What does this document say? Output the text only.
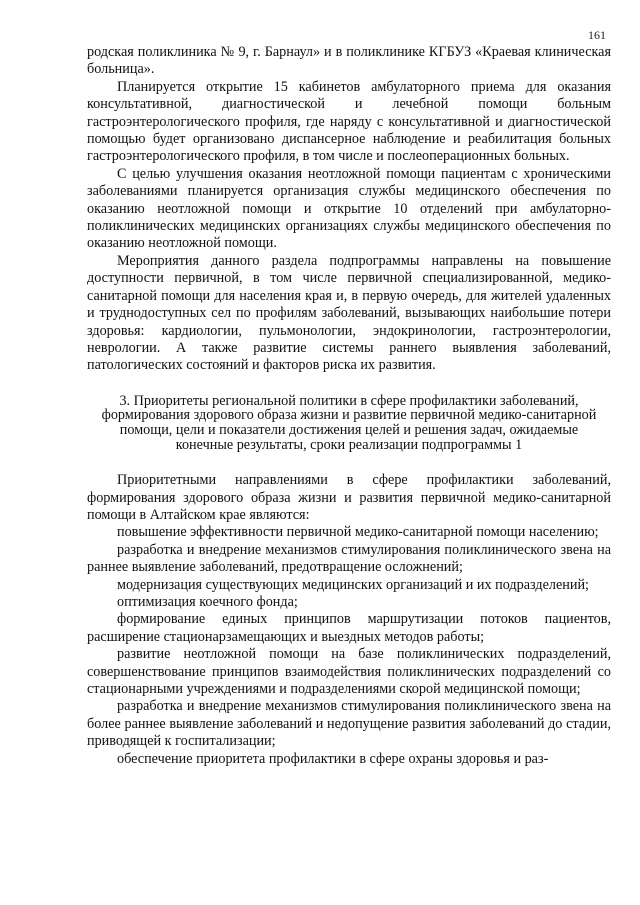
161

родская поликлиника № 9, г. Барнаул» и в поликлинике КГБУЗ «Краевая клиническая больница».

Планируется открытие 15 кабинетов амбулаторного приема для оказания консультативной, диагностической и лечебной помощи больным гастроэнтерологического профиля, где наряду с консультативной и диагностической помощью будет организовано диспансерное наблюдение и реабилитация больных гастроэнтерологического профиля, в том числе и послеоперационных больных.

С целью улучшения оказания неотложной помощи пациентам с хроническими заболеваниями планируется организация службы медицинского обеспечения по оказанию неотложной помощи и открытие 10 отделений при амбулаторно-поликлинических медицинских организациях службы медицинского обеспечения по оказанию неотложной помощи.

Мероприятия данного раздела подпрограммы направлены на повышение доступности первичной, в том числе первичной специализированной, медико-санитарной помощи для населения края и, в первую очередь, для жителей удаленных и труднодоступных сел по профилям заболеваний, вызывающих наибольшие потери здоровья: кардиологии, пульмонологии, эндокринологии, гастроэнтерологии, неврологии. А также развитие системы раннего выявления заболеваний, патологических состояний и факторов риска их развития.

3. Приоритеты региональной политики в сфере профилактики заболеваний, формирования здорового образа жизни и развитие первичной медико-санитарной помощи, цели и показатели достижения целей и решения задач, ожидаемые конечные результаты, сроки реализации подпрограммы 1

Приоритетными направлениями в сфере профилактики заболеваний, формирования здорового образа жизни и развития первичной медико-санитарной помощи в Алтайском крае являются:

повышение эффективности первичной медико-санитарной помощи населению;

разработка и внедрение механизмов стимулирования поликлинического звена на раннее выявление заболеваний, предотвращение осложнений;

модернизация существующих медицинских организаций и их подразделений;

оптимизация коечного фонда;

формирование единых принципов маршрутизации потоков пациентов, расширение стационарзамещающих и выездных методов работы;

развитие неотложной помощи на базе поликлинических подразделений, совершенствование принципов взаимодействия поликлинических подразделений со стационарными учреждениями и подразделениями скорой медицинской помощи;

разработка и внедрение механизмов стимулирования поликлинического звена на более раннее выявление заболеваний и недопущение развития заболеваний до стадии, приводящей к госпитализации;

обеспечение приоритета профилактики в сфере охраны здоровья и раз-
